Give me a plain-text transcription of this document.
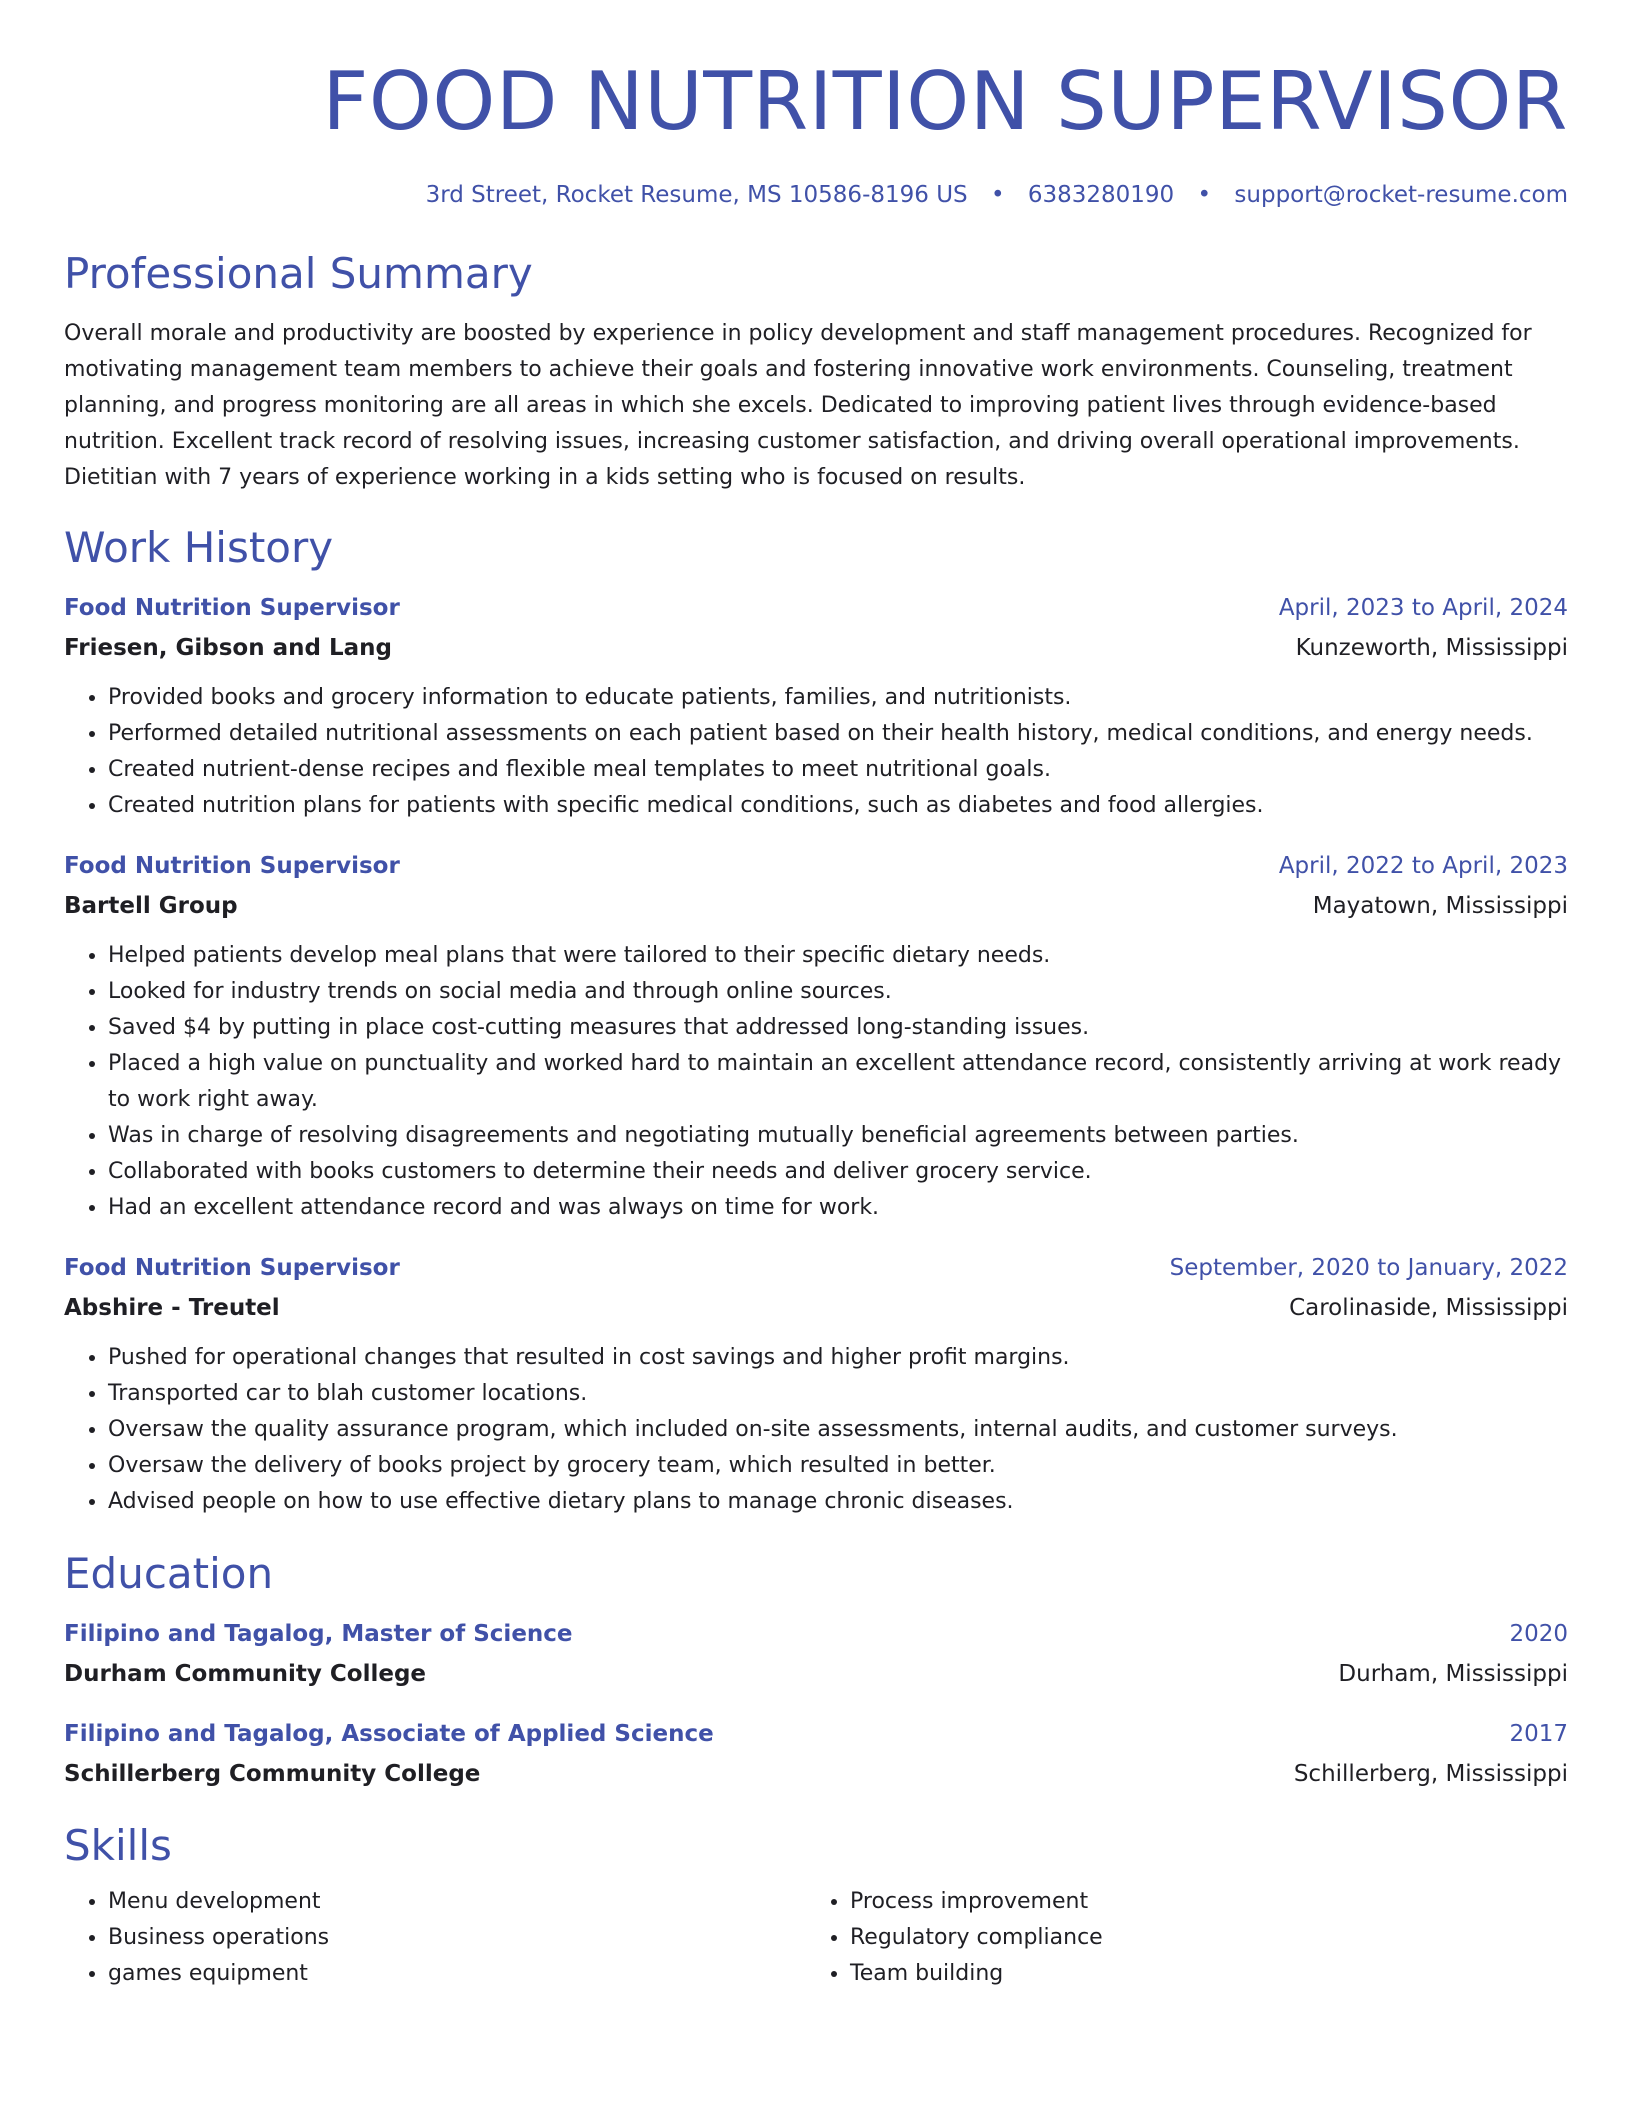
FOOD NUTRITION SUPERVISOR
3rd Street, Rocket Resume, MS 10586-8196 US • 6383280190 • support@rocket-resume.com
Professional Summary
Overall morale and productivity are boosted by experience in policy development and staff management procedures. Recognized for motivating management team members to achieve their goals and fostering innovative work environments. Counseling, treatment planning, and progress monitoring are all areas in which she excels. Dedicated to improving patient lives through evidence-based nutrition. Excellent track record of resolving issues, increasing customer satisfaction, and driving overall operational improvements. Dietitian with 7 years of experience working in a kids setting who is focused on results.
Work History
Food Nutrition Supervisor	April, 2023 to April, 2024
Friesen, Gibson and Lang	Kunzeworth, Mississippi
• Provided books and grocery information to educate patients, families, and nutritionists.
• Performed detailed nutritional assessments on each patient based on their health history, medical conditions, and energy needs.
• Created nutrient-dense recipes and flexible meal templates to meet nutritional goals.
• Created nutrition plans for patients with specific medical conditions, such as diabetes and food allergies.
Food Nutrition Supervisor	April, 2022 to April, 2023
Bartell Group	Mayatown, Mississippi
• Helped patients develop meal plans that were tailored to their specific dietary needs.
• Looked for industry trends on social media and through online sources.
• Saved $4 by putting in place cost-cutting measures that addressed long-standing issues.
• Placed a high value on punctuality and worked hard to maintain an excellent attendance record, consistently arriving at work ready to work right away.
• Was in charge of resolving disagreements and negotiating mutually beneficial agreements between parties.
• Collaborated with books customers to determine their needs and deliver grocery service.
• Had an excellent attendance record and was always on time for work.
Food Nutrition Supervisor	September, 2020 to January, 2022
Abshire - Treutel	Carolinaside, Mississippi
• Pushed for operational changes that resulted in cost savings and higher profit margins.
• Transported car to blah customer locations.
• Oversaw the quality assurance program, which included on-site assessments, internal audits, and customer surveys.
• Oversaw the delivery of books project by grocery team, which resulted in better.
• Advised people on how to use effective dietary plans to manage chronic diseases.
Education
Filipino and Tagalog, Master of Science	2020
Durham Community College	Durham, Mississippi
Filipino and Tagalog, Associate of Applied Science	2017
Schillerberg Community College	Schillerberg, Mississippi
Skills
• Menu development
• Business operations
• games equipment
• Process improvement
• Regulatory compliance
• Team building
